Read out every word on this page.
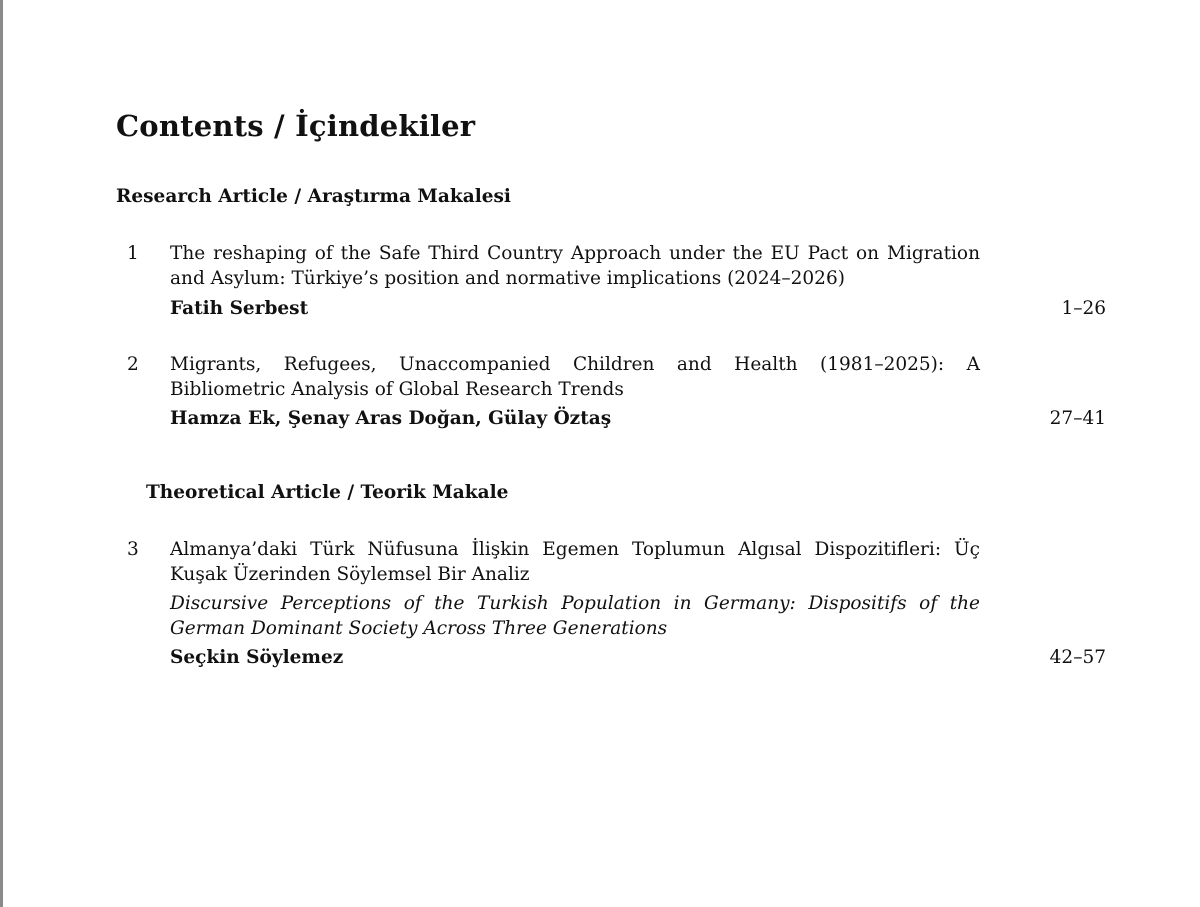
Contents / İçindekiler
Research Article / Araştırma Makalesi
1 The reshaping of the Safe Third Country Approach under the EU Pact on Migration and Asylum: Türkiye’s position and normative implications (2024–2026)
Fatih Serbest	1–26
2 Migrants, Refugees, Unaccompanied Children and Health (1981–2025): A Bibliometric Analysis of Global Research Trends
Hamza Ek, Şenay Aras Doğan, Gülay Öztaş	27–41
Theoretical Article / Teorik Makale
3 Almanya’daki Türk Nüfusuna İlişkin Egemen Toplumun Algısal Dispozitifleri: Üç Kuşak Üzerinden Söylemsel Bir Analiz
Discursive Perceptions of the Turkish Population in Germany: Dispositifs of the German Dominant Society Across Three Generations
Seçkin Söylemez	42–57
